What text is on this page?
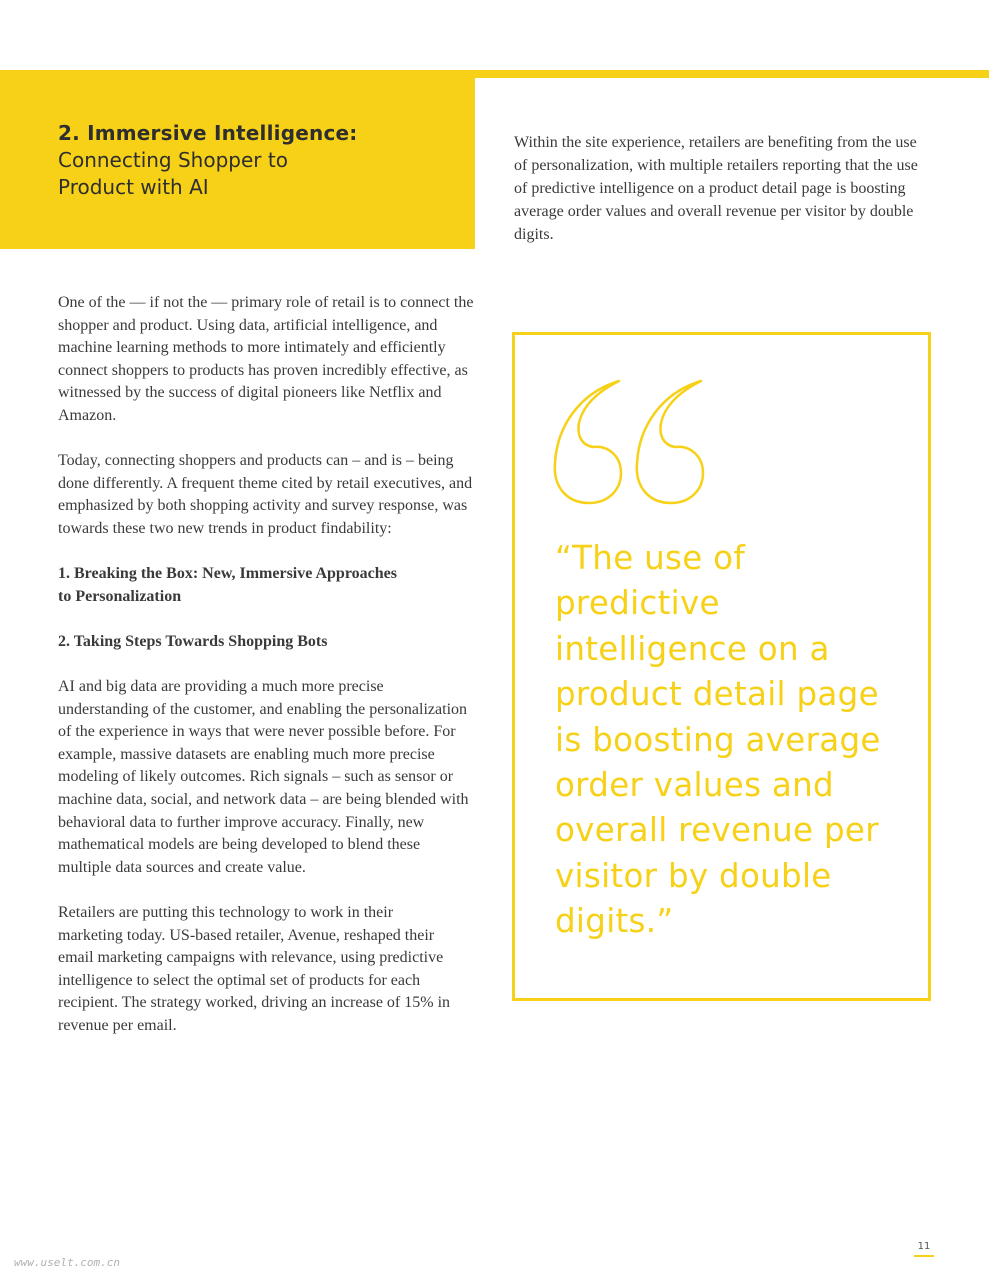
2. Immersive Intelligence:
Connecting Shopper to
Product with AI

Within the site experience, retailers are benefiting from the use of personalization, with multiple retailers reporting that the use of predictive intelligence on a product detail page is boosting average order values and overall revenue per visitor by double digits.

One of the — if not the — primary role of retail is to connect the shopper and product. Using data, artificial intelligence, and machine learning methods to more intimately and efficiently connect shoppers to products has proven incredibly effective, as witnessed by the success of digital pioneers like Netflix and Amazon.

Today, connecting shoppers and products can – and is – being done differently. A frequent theme cited by retail executives, and emphasized by both shopping activity and survey response, was towards these two new trends in product findability:

1. Breaking the Box: New, Immersive Approaches to Personalization

2. Taking Steps Towards Shopping Bots

AI and big data are providing a much more precise understanding of the customer, and enabling the personalization of the experience in ways that were never possible before. For example, massive datasets are enabling much more precise modeling of likely outcomes. Rich signals – such as sensor or machine data, social, and network data – are being blended with behavioral data to further improve accuracy. Finally, new mathematical models are being developed to blend these multiple data sources and create value.

Retailers are putting this technology to work in their marketing today. US-based retailer, Avenue, reshaped their email marketing campaigns with relevance, using predictive intelligence to select the optimal set of products for each recipient. The strategy worked, driving an increase of 15% in revenue per email.

“The use of predictive intelligence on a product detail page is boosting average order values and overall revenue per visitor by double digits.”
11
www.uselt.com.cn
